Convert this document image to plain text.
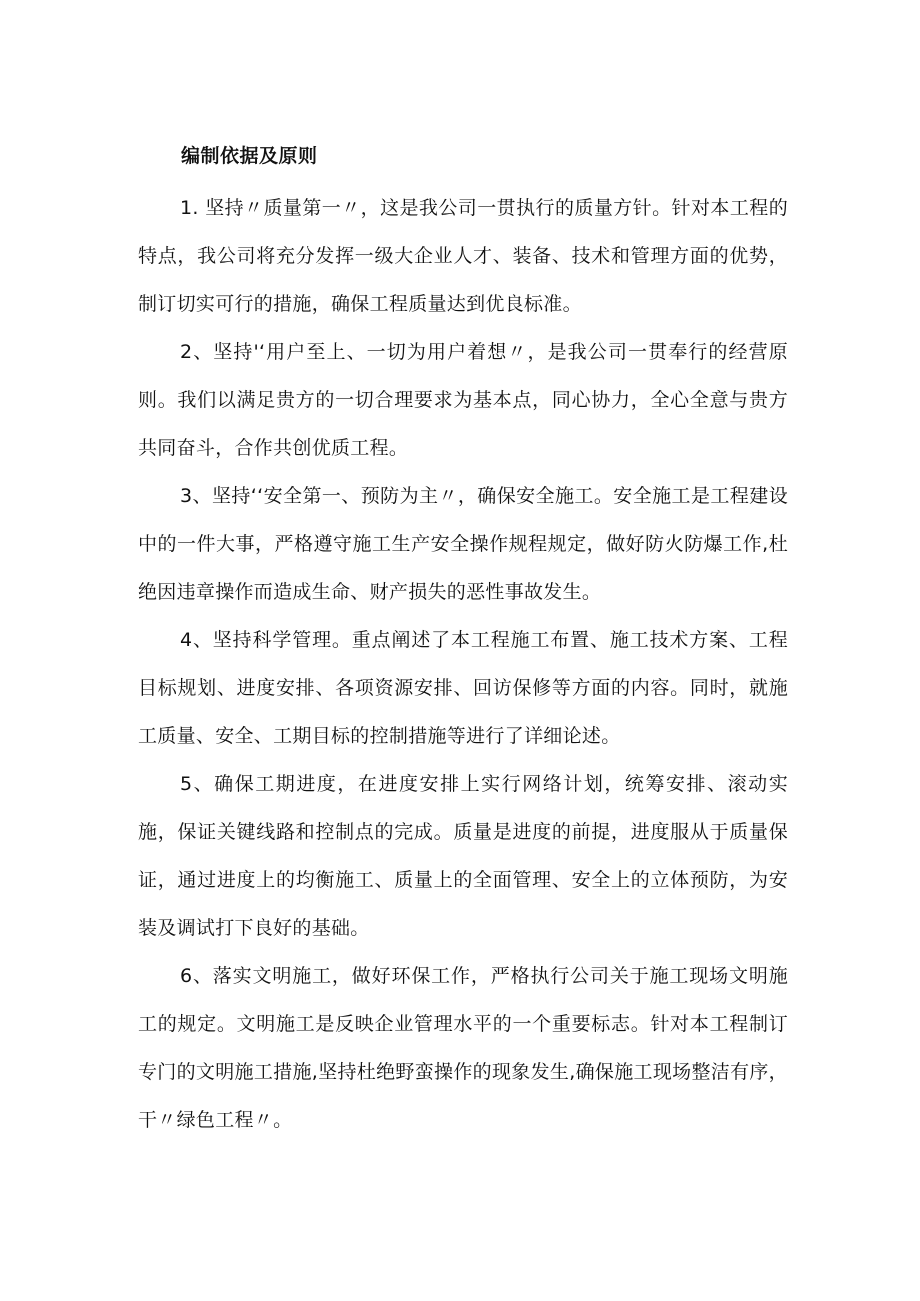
编制依据及原则

1. 坚持〃质量第一〃，这是我公司一贯执行的质量方针。针对本工程的特点，我公司将充分发挥一级大企业人才、装备、技术和管理方面的优势，制订切实可行的措施，确保工程质量达到优良标准。

2、坚持'‘用户至上、一切为用户着想〃，是我公司一贯奉行的经营原则。我们以满足贵方的一切合理要求为基本点，同心协力，全心全意与贵方共同奋斗，合作共创优质工程。

3、坚持‘‘安全第一、预防为主〃，确保安全施工。安全施工是工程建设中的一件大事，严格遵守施工生产安全操作规程规定，做好防火防爆工作,杜绝因违章操作而造成生命、财产损失的恶性事故发生。

4、坚持科学管理。重点阐述了本工程施工布置、施工技术方案、工程目标规划、进度安排、各项资源安排、回访保修等方面的内容。同时，就施工质量、安全、工期目标的控制措施等进行了详细论述。

5、确保工期进度，在进度安排上实行网络计划，统筹安排、滚动实施，保证关键线路和控制点的完成。质量是进度的前提，进度服从于质量保证，通过进度上的均衡施工、质量上的全面管理、安全上的立体预防，为安装及调试打下良好的基础。

6、落实文明施工，做好环保工作，严格执行公司关于施工现场文明施工的规定。文明施工是反映企业管理水平的一个重要标志。针对本工程制订专门的文明施工措施,坚持杜绝野蛮操作的现象发生,确保施工现场整洁有序，干〃绿色工程〃。
